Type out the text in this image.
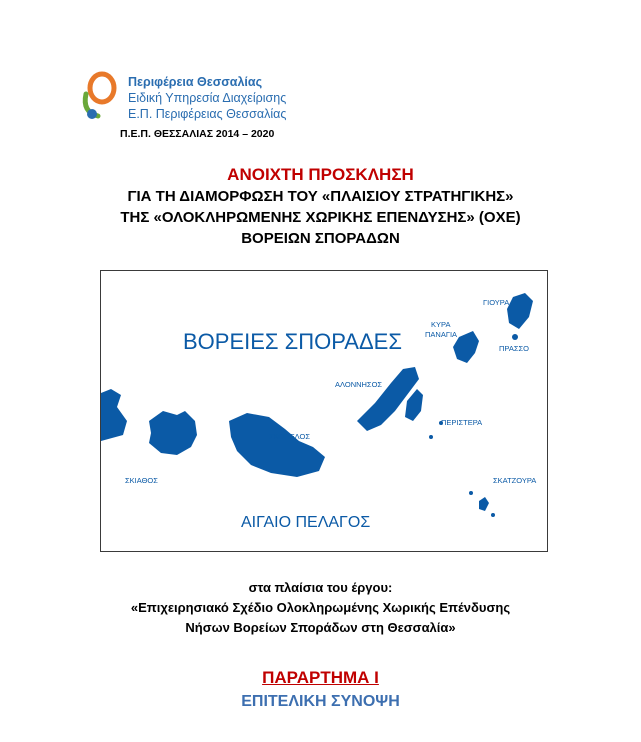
Περιφέρεια Θεσσαλίας
Ειδική Υπηρεσία Διαχείρισης
Ε.Π. Περιφέρειας Θεσσαλίας
Π.Ε.Π. ΘΕΣΣΑΛΙΑΣ 2014 – 2020
ΑΝΟΙΧΤΗ ΠΡΟΣΚΛΗΣΗ
ΓΙΑ ΤΗ ΔΙΑΜΟΡΦΩΣΗ ΤΟΥ «ΠΛΑΙΣΙΟΥ ΣΤΡΑΤΗΓΙΚΗΣ»
ΤΗΣ «ΟΛΟΚΛΗΡΩΜΕΝΗΣ ΧΩΡΙΚΗΣ ΕΠΕΝΔΥΣΗΣ» (ΟΧΕ)
ΒΟΡΕΙΩΝ ΣΠΟΡΑΔΩΝ
ΒΟΡΕΙΕΣ ΣΠΟΡΑΔΕΣ
ΑΙΓΑΙΟ ΠΕΛΑΓΟΣ
ΣΚΙΑΘΟΣ
ΣΚΟΠΕΛΟΣ
ΑΛΟΝΝΗΣΟΣ
ΚΥΡΑ
ΠΑΝΑΓΙΑ
ΓΙΟΥΡΑ
ΠΡΑΣΣΟ
ΠΕΡΙΣΤΕΡΑ
ΣΚΑΤΖΟΥΡΑ
στα πλαίσια του έργου:
«Επιχειρησιακό Σχέδιο Ολοκληρωμένης Χωρικής Επένδυσης
Νήσων Βορείων Σποράδων στη Θεσσαλία»
ΠΑΡΑΡΤΗΜΑ Ι
ΕΠΙΤΕΛΙΚΗ ΣΥΝΟΨΗ
